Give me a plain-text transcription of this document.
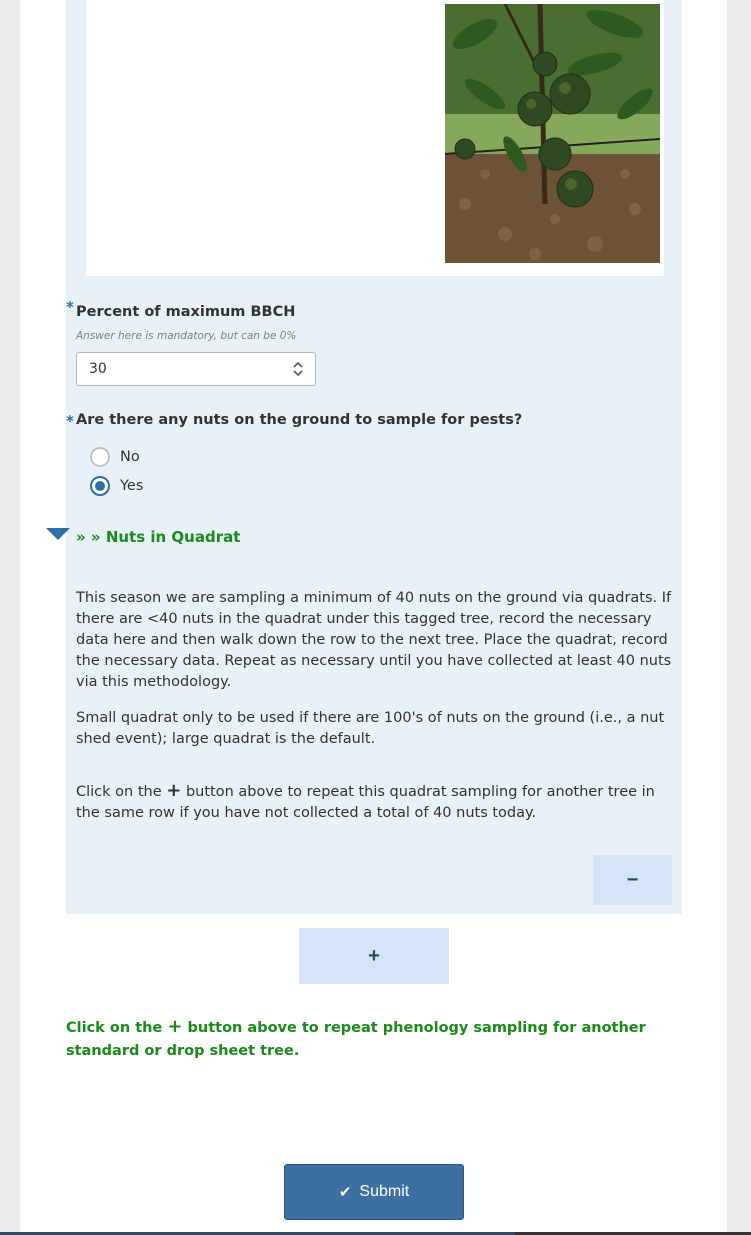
* Percent of maximum BBCH
Answer here is mandatory, but can be 0%
30
* Are there any nuts on the ground to sample for pests?
No
Yes
» » Nuts in Quadrat

This season we are sampling a minimum of 40 nuts on the ground via quadrats. If there are <40 nuts in the quadrat under this tagged tree, record the necessary data here and then walk down the row to the next tree. Place the quadrat, record the necessary data. Repeat as necessary until you have collected at least 40 nuts via this methodology.

Small quadrat only to be used if there are 100's of nuts on the ground (i.e., a nut shed event); large quadrat is the default.

Click on the + button above to repeat this quadrat sampling for another tree in the same row if you have not collected a total of 40 nuts today.

−
+

Click on the + button above to repeat phenology sampling for another standard or drop sheet tree.

✔ Submit
